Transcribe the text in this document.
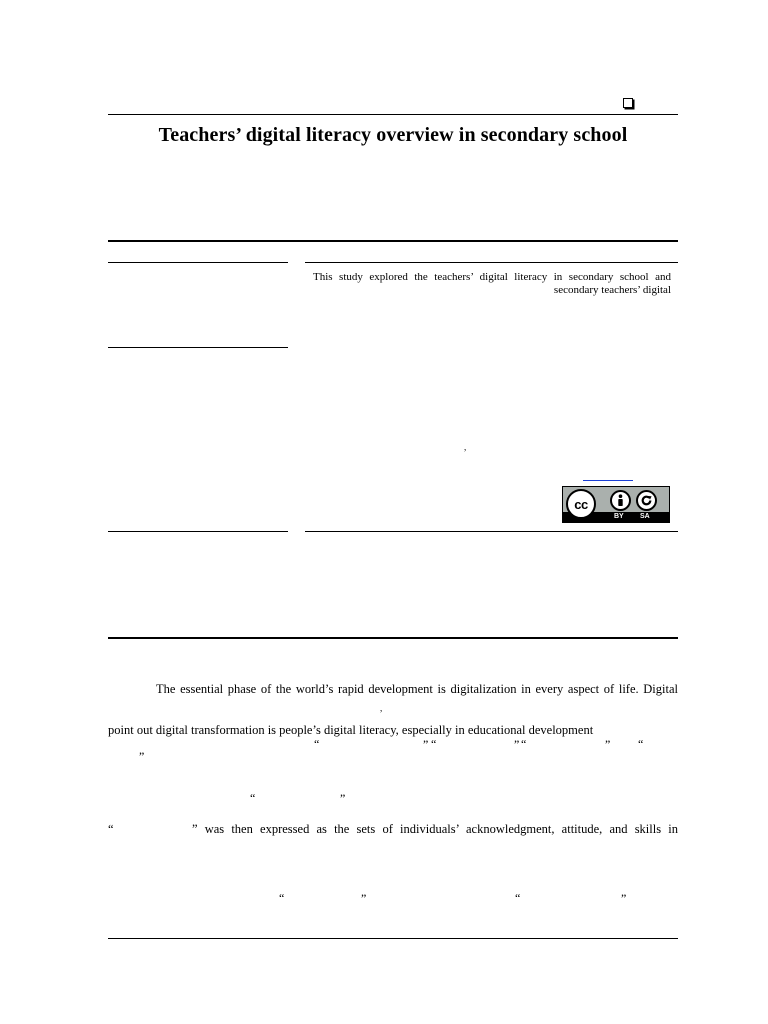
Teachers’ digital literacy overview in secondary school
This study explored the teachers’ digital literacy in secondary school and
secondary teachers’ digital
,
cc
BY SA
The essential phase of the world’s rapid development is digitalization in every aspect of life. Digital
,
point out digital transformation is people’s digital literacy, especially in educational development
“	” “	” “	” “
”
“	”
“	” was then expressed as the sets of individuals’ acknowledgment, attitude, and skills in
“	”	“	”
